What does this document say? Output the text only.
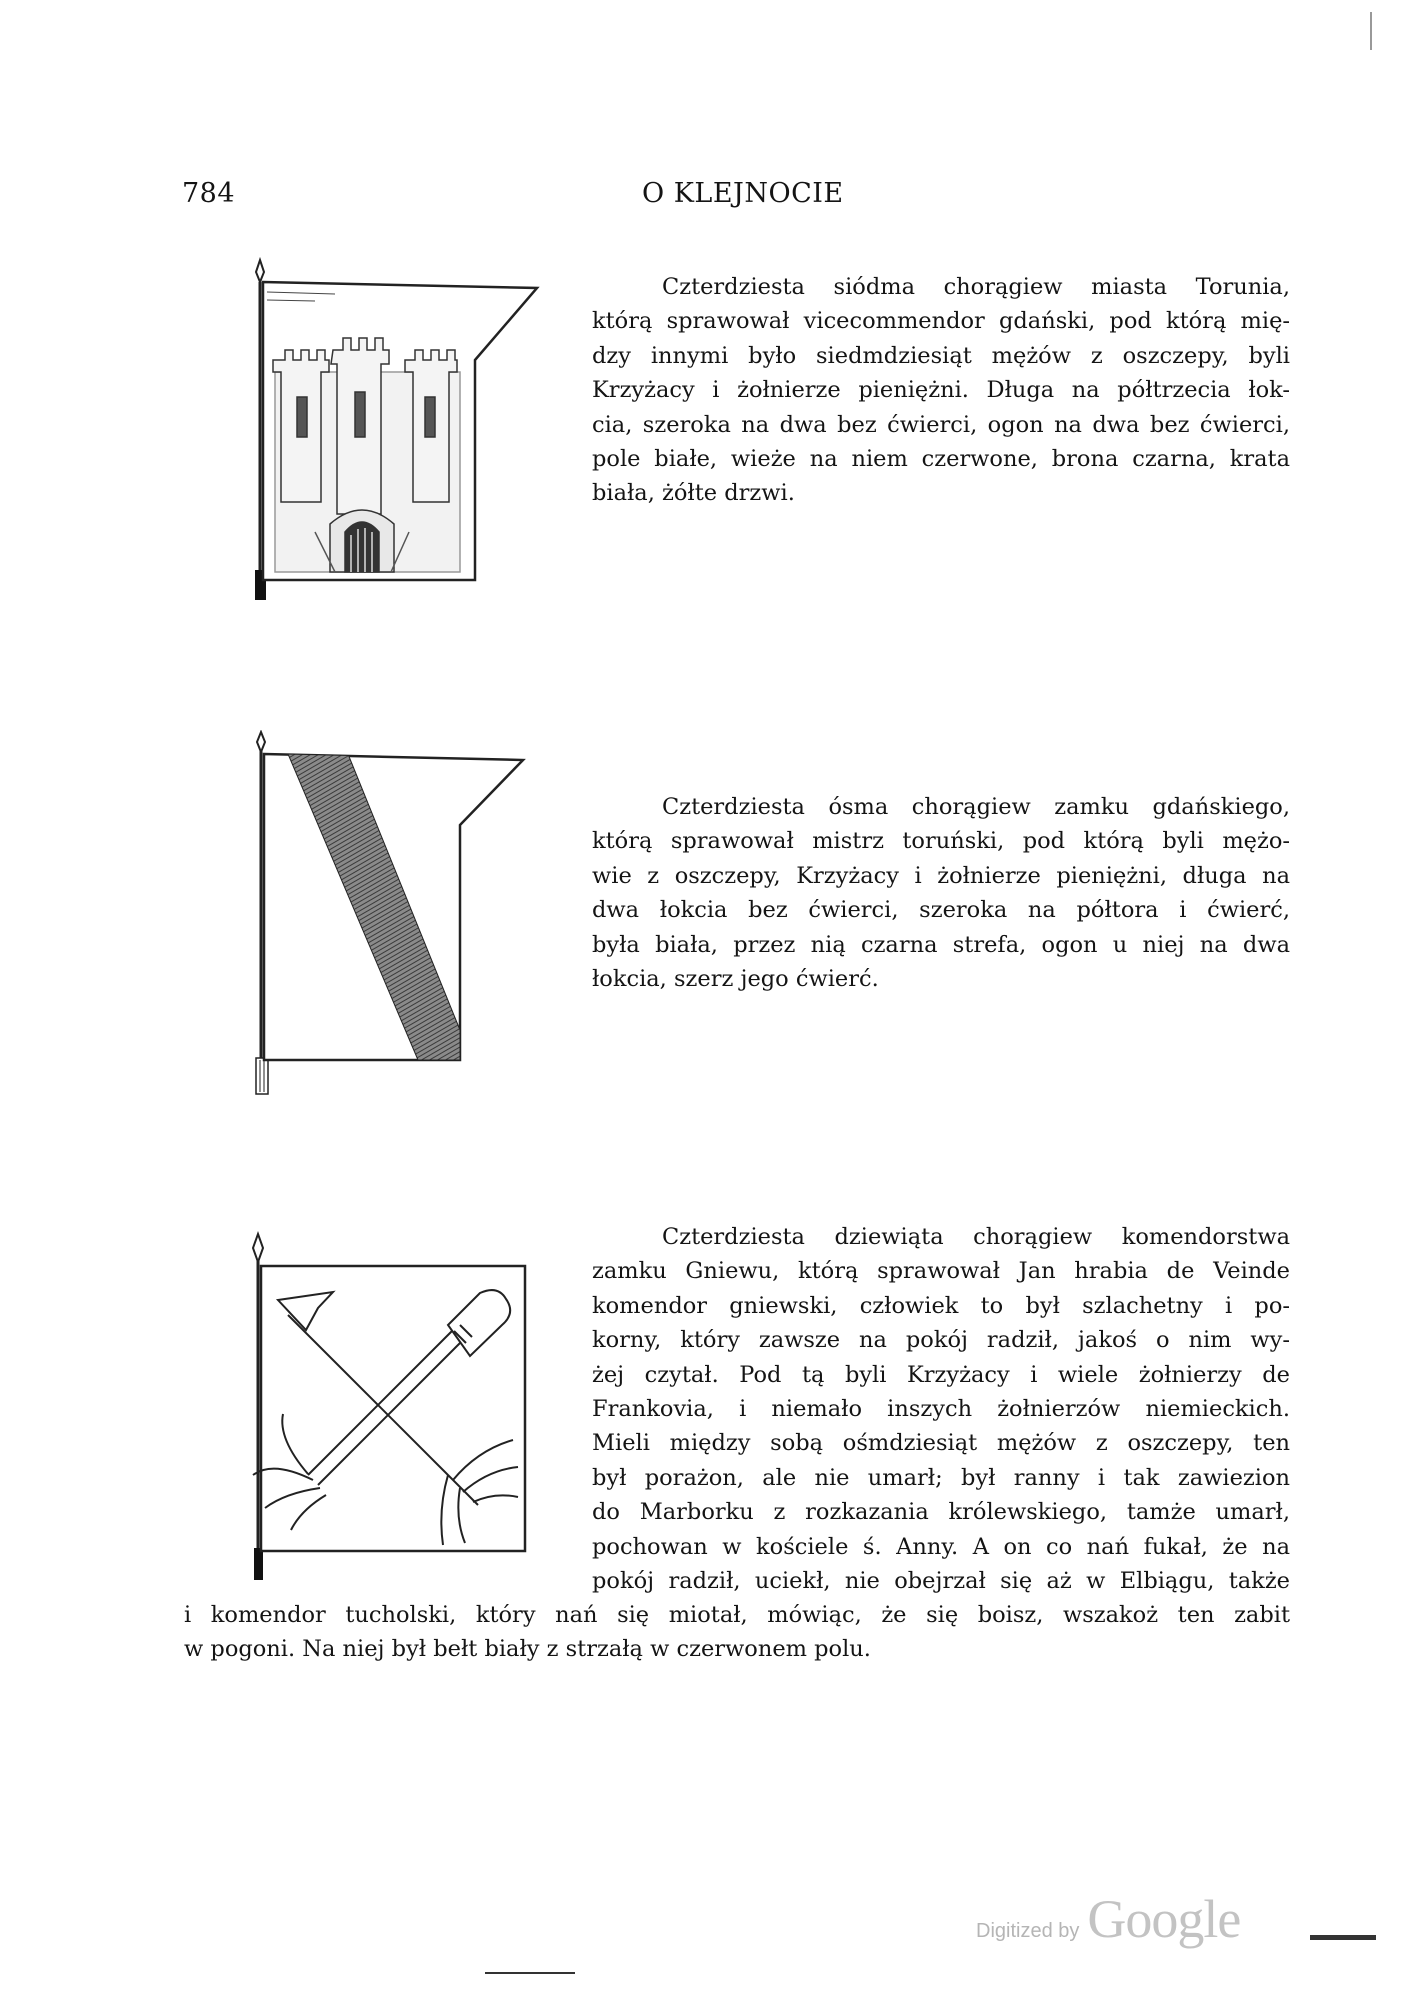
784	O KLEJNOCIE
Czterdziesta siódma chorągiew miasta Torunia,
którą sprawował vicecommendor gdański, pod którą mię-
dzy innymi było siedmdziesiąt mężów z oszczepy, byli
Krzyżacy i żołnierze pieniężni. Długa na półtrzecia łok-
cia, szeroka na dwa bez ćwierci, ogon na dwa bez ćwierci,
pole białe, wieże na niem czerwone, brona czarna, krata
biała, żółte drzwi.
Czterdziesta ósma chorągiew zamku gdańskiego,
którą sprawował mistrz toruński, pod którą byli mężo-
wie z oszczepy, Krzyżacy i żołnierze pieniężni, długa na
dwa łokcia bez ćwierci, szeroka na półtora i ćwierć,
była biała, przez nią czarna strefa, ogon u niej na dwa
łokcia, szerz jego ćwierć.
Czterdziesta dziewiąta chorągiew komendorstwa
zamku Gniewu, którą sprawował Jan hrabia de Veinde
komendor gniewski, człowiek to był szlachetny i po-
korny, który zawsze na pokój radził, jakoś o nim wy-
żej czytał. Pod tą byli Krzyżacy i wiele żołnierzy de
Frankovia, i niemało inszych żołnierzów niemieckich.
Mieli między sobą ośmdziesiąt mężów z oszczepy, ten
był porażon, ale nie umarł; był ranny i tak zawiezion
do Marborku z rozkazania królewskiego, tamże umarł,
pochowan w kościele ś. Anny. A on co nań fukał, że na
pokój radził, uciekł, nie obejrzał się aż w Elbiągu, także
i komendor tucholski, który nań się miotał, mówiąc, że się boisz, wszakoż ten zabit
w pogoni. Na niej był bełt biały z strzałą w czerwonem polu.
Digitized by Google
